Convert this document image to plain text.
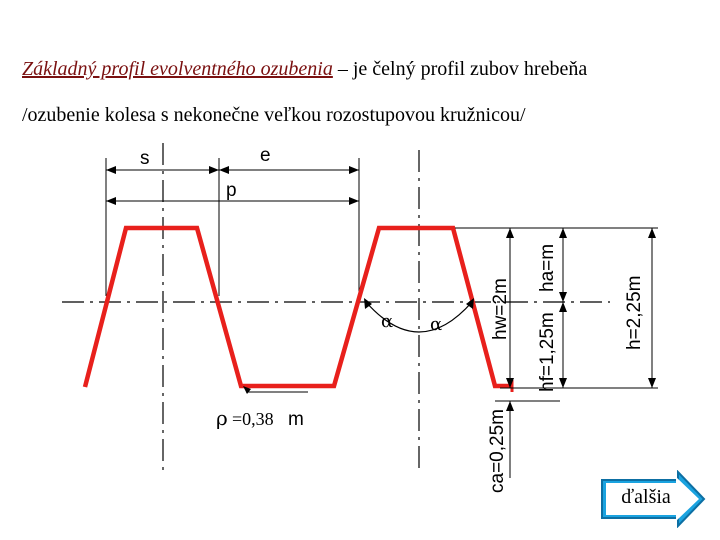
Základný profil evolventného ozubenia – je čelný profil zubov hrebeňa
/ozubenie kolesa s nekonečne veľkou rozostupovou kružnicou/
s	e
p
hw=2m
ha=m
hf=1,25m	h=2,25m
ca=0,25m
α α
ρ =0,38 m
ďalšia
